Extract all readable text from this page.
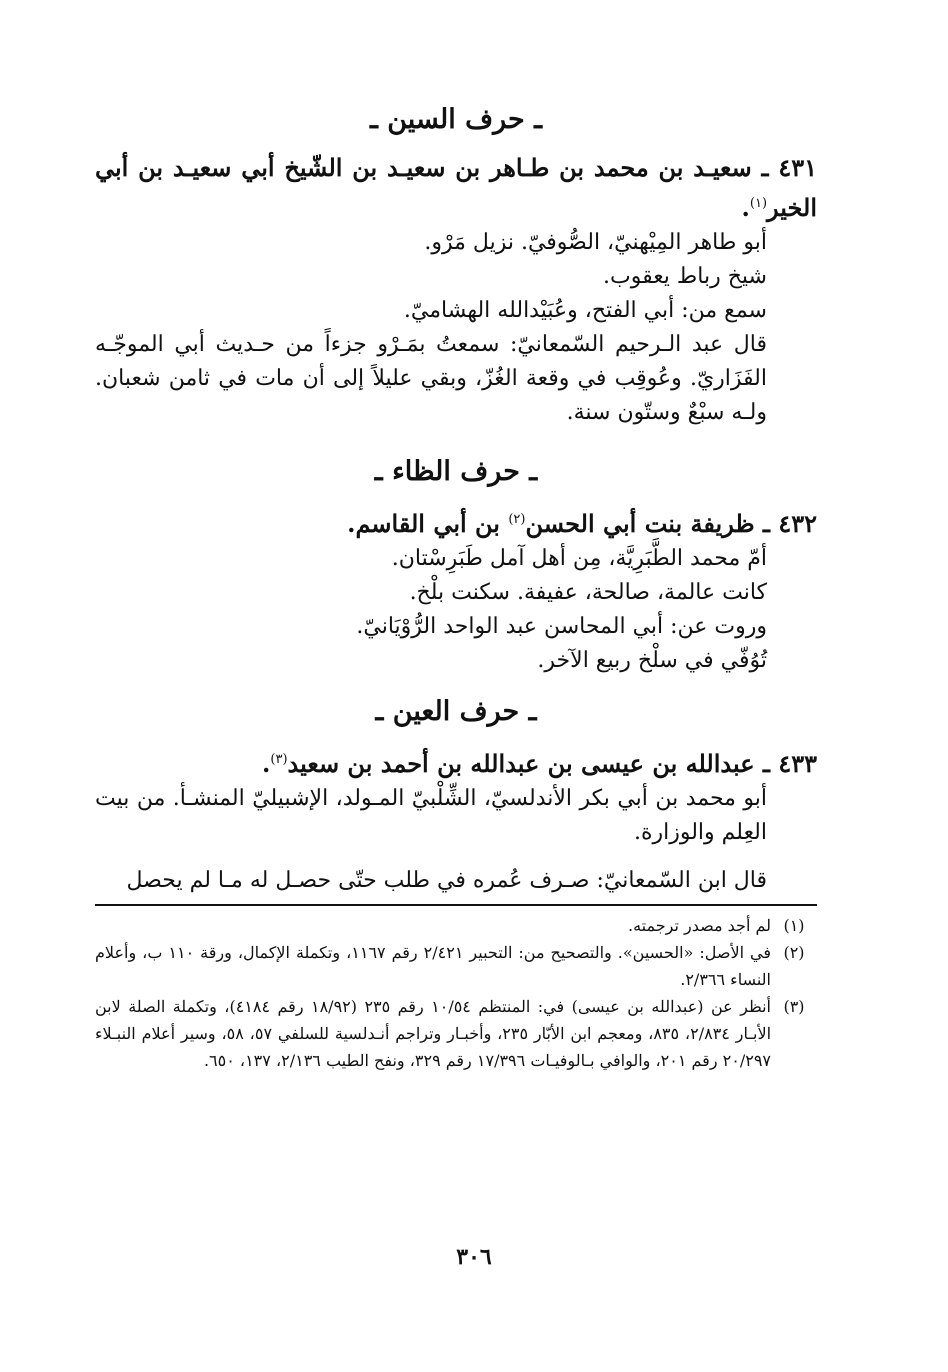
ـ حرف السين ـ

٤٣١ ـ سعيـد بن محمد بن طـاهر بن سعيـد بن الشّيخ أبي سعيـد بن أبي الخير$^{(١)}$.

أبو طاهر المِيْهنيّ، الصُّوفيّ. نزيل مَرْو.

شيخ رباط يعقوب.

سمع من: أبي الفتح، وعُبَيْدالله الهشاميّ.

قال عبد الـرحيم السّمعانيّ: سمعتُ بمَـرْو جزءاً من حـديث أبي الموجّـه الفَزَاريّ. وعُوقِب في وقعة الغُزّ، وبقي عليلاً إلى أن مات في ثامن شعبان. ولـه سبْعٌ وستّون سنة.

ـ حرف الظاء ـ

٤٣٢ ـ ظريفة بنت أبي الحسن$^{(٢)}$ بن أبي القاسم.

أمّ محمد الطَّبَرِيَّة، مِن أهل آمل طَبَرِسْتان.

كانت عالمة، صالحة، عفيفة. سكنت بلْخ.

وروت عن: أبي المحاسن عبد الواحد الرُّوْيَانيّ.

تُوُفّي في سلْخ ربيع الآخر.

ـ حرف العين ـ

٤٣٣ ـ عبدالله بن عيسى بن عبدالله بن أحمد بن سعيد$^{(٣)}$.

أبو محمد بن أبي بكر الأندلسيّ، الشِّلْبيّ المـولد، الإشبيليّ المنشـأ. من بيت العِلم والوزارة.

قال ابن السّمعانيّ: صـرف عُمره في طلب حتّى حصـل له مـا لم يحصل

(١)
لم أجد مصدر ترجمته.
(٢)
في الأصل: «الحسين». والتصحيح من: التحبير ٢/٤٢١ رقم ١١٦٧، وتكملة الإكمال، ورقة ١١٠ ب، وأعلام النساء ٢/٣٦٦.
(٣)
أنظر عن (عبدالله بن عيسى) في: المنتظم ١٠/٥٤ رقم ٢٣٥ (١٨/٩٢ رقم ٤١٨٤)، وتكملة الصلة لابن الأبـار ٢/٨٣٤، ٨٣٥، ومعجم ابن الأبّار ٢٣٥، وأخبـار وتراجم أنـدلسية للسلفي ٥٧، ٥٨، وسير أعلام النبـلاء ٢٠/٢٩٧ رقم ٢٠١، والوافي بـالوفيـات ١٧/٣٩٦ رقم ٣٢٩، ونفح الطيب ٢/١٣٦، ١٣٧، ٦٥٠.
٣٠٦
